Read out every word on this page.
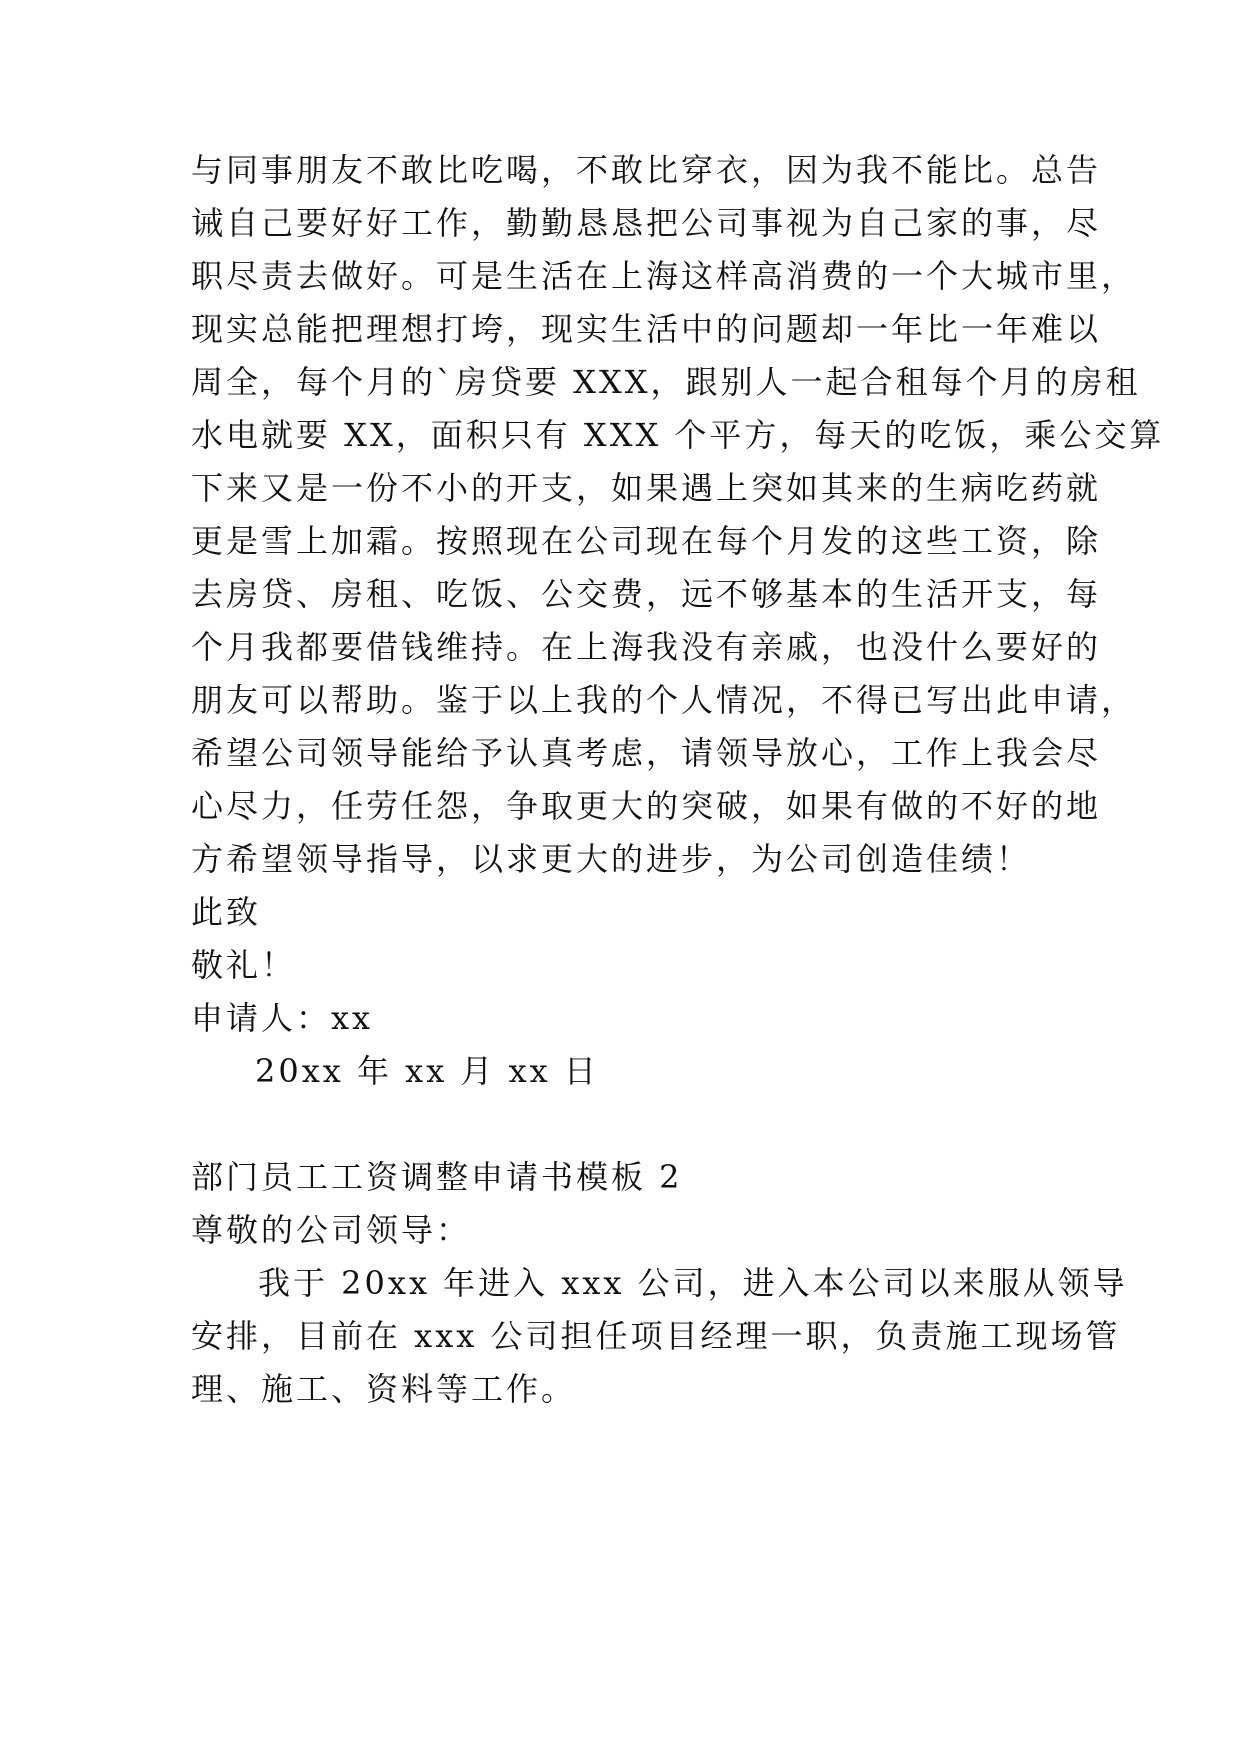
与同事朋友不敢比吃喝，不敢比穿衣，因为我不能比。总告
诫自己要好好工作，勤勤恳恳把公司事视为自己家的事，尽
职尽责去做好。可是生活在上海这样高消费的一个大城市里，
现实总能把理想打垮，现实生活中的问题却一年比一年难以
周全，每个月的`房贷要 XXX，跟别人一起合租每个月的房租
水电就要 XX，面积只有 XXX 个平方，每天的吃饭，乘公交算
下来又是一份不小的开支，如果遇上突如其来的生病吃药就
更是雪上加霜。按照现在公司现在每个月发的这些工资，除
去房贷、房租、吃饭、公交费，远不够基本的生活开支，每
个月我都要借钱维持。在上海我没有亲戚，也没什么要好的
朋友可以帮助。鉴于以上我的个人情况，不得已写出此申请，
希望公司领导能给予认真考虑，请领导放心，工作上我会尽
心尽力，任劳任怨，争取更大的突破，如果有做的不好的地
方希望领导指导，以求更大的进步，为公司创造佳绩！
此致
敬礼！
申请人：xx
20xx 年 xx 月 xx 日
部门员工工资调整申请书模板 2
尊敬的公司领导：
我于 20xx 年进入 xxx 公司，进入本公司以来服从领导
安排，目前在 xxx 公司担任项目经理一职，负责施工现场管
理、施工、资料等工作。
